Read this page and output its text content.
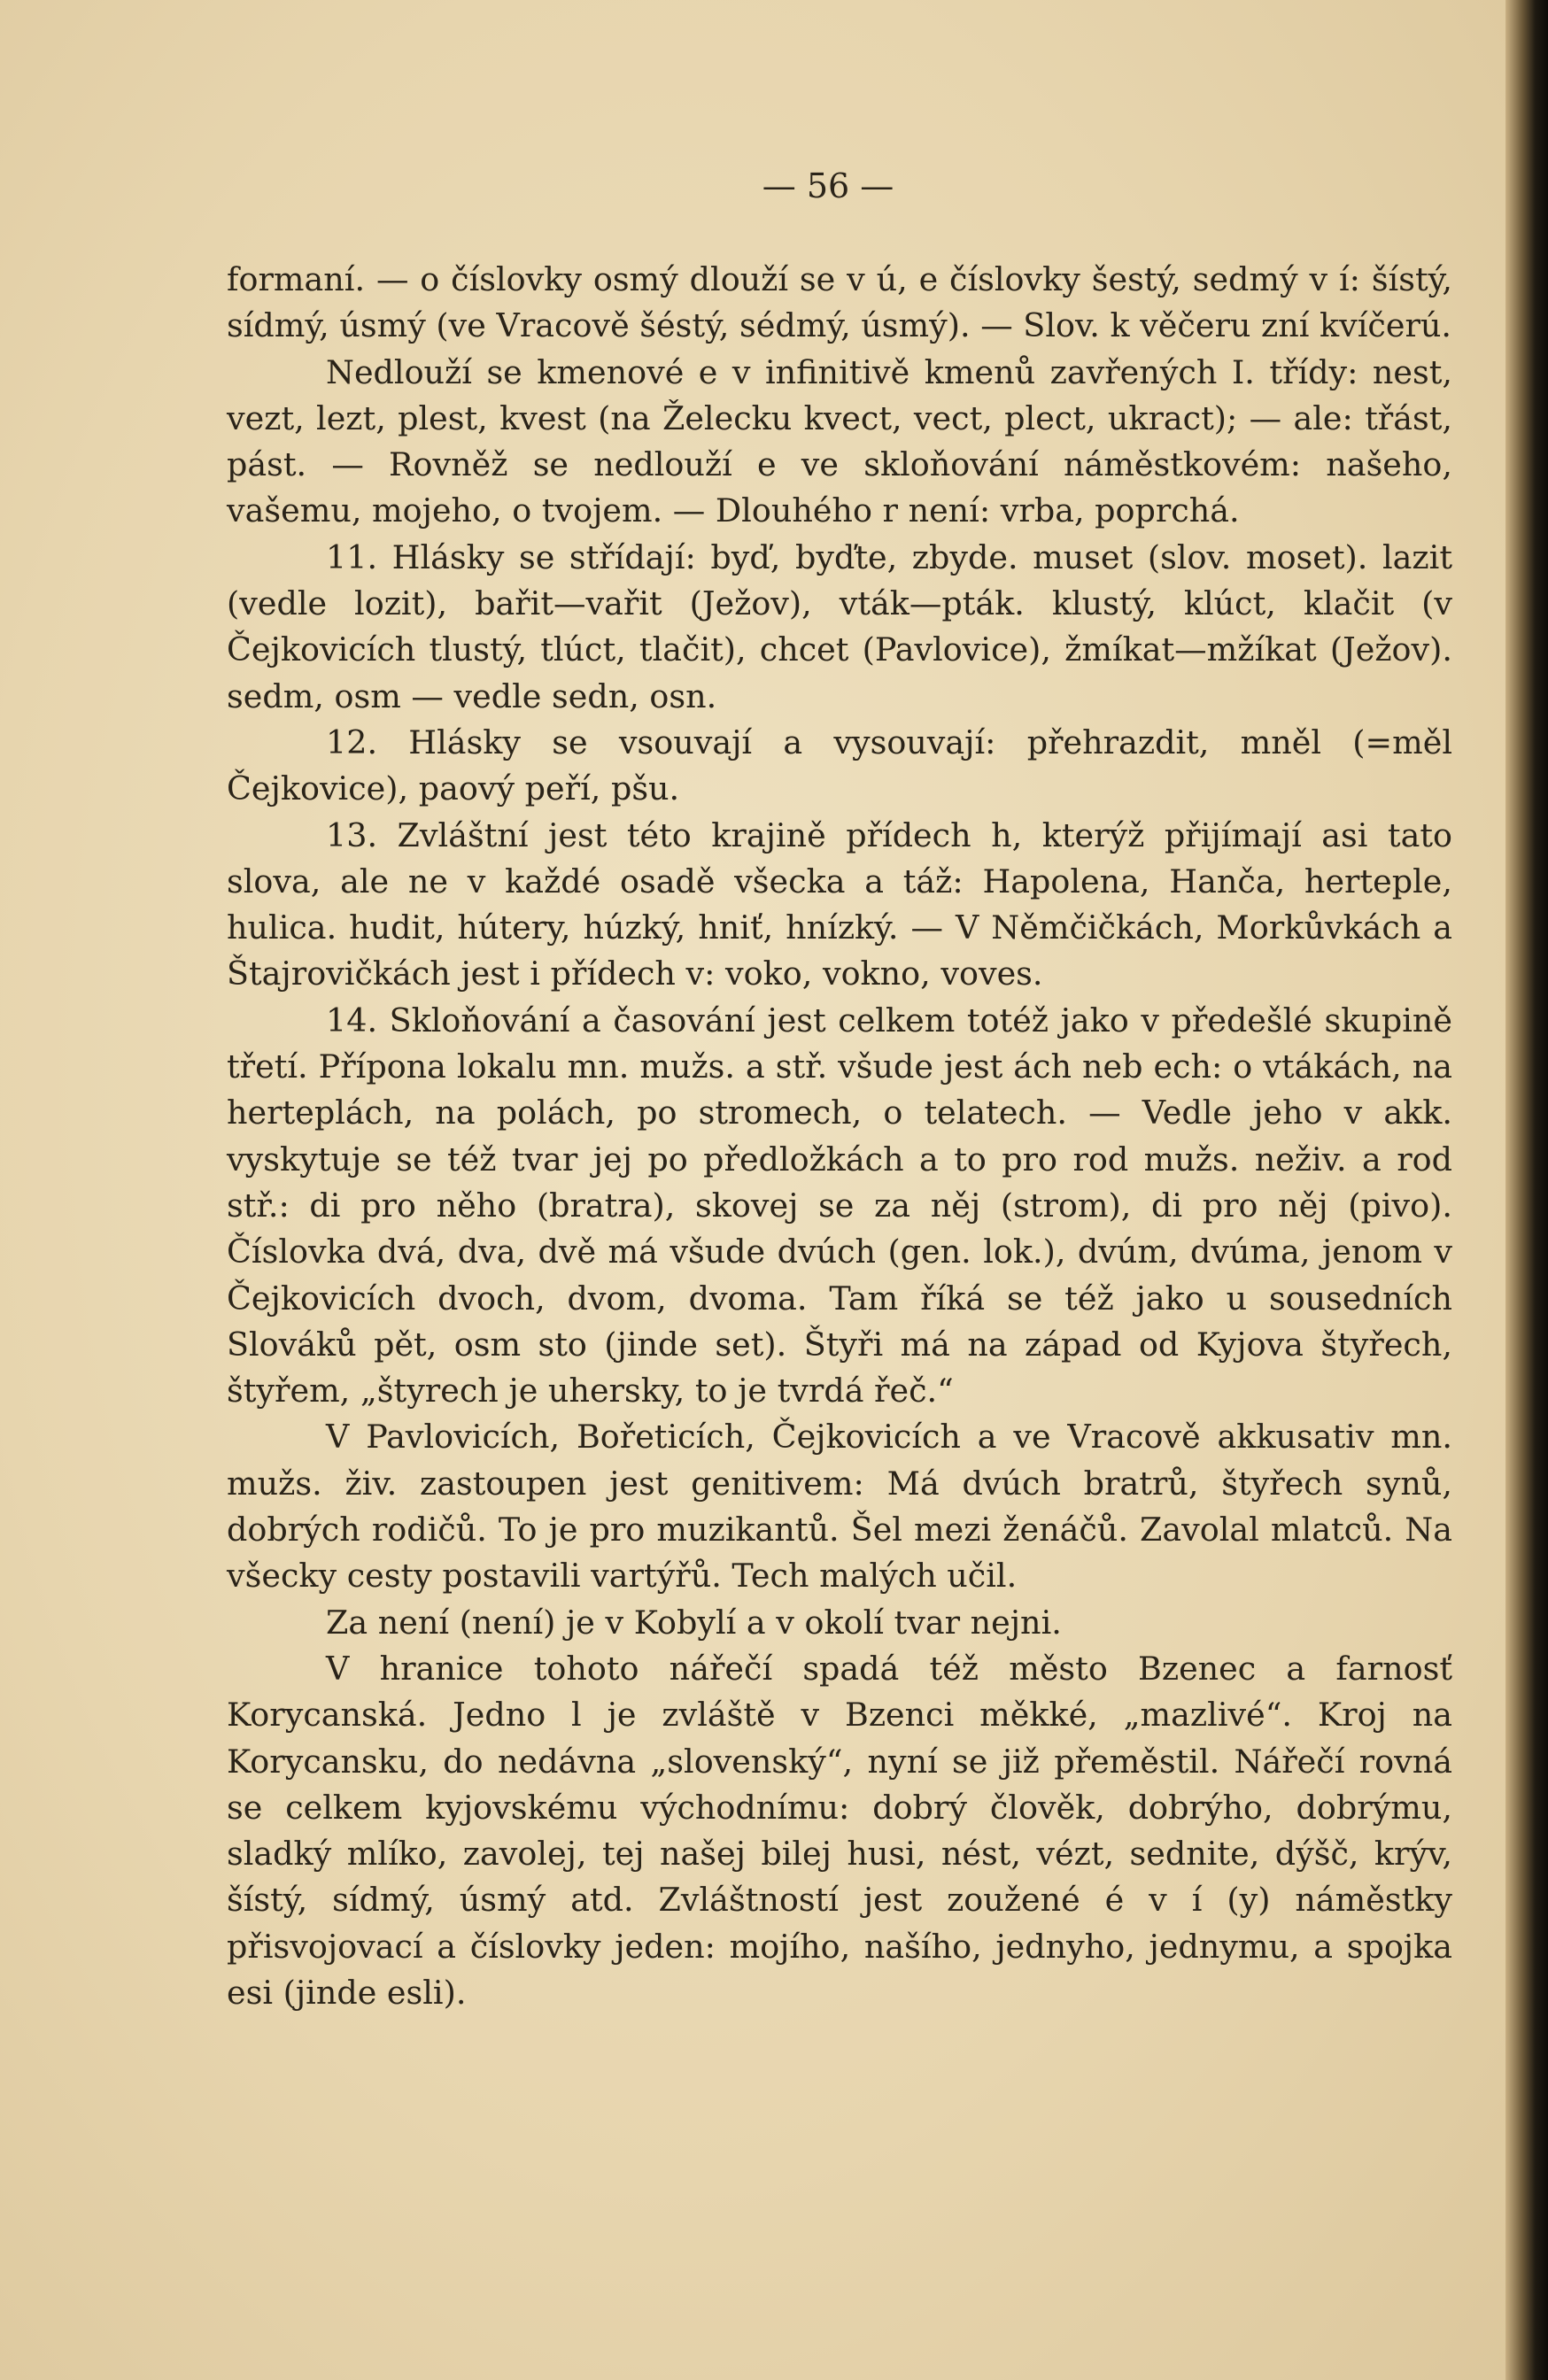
— 56 —

formaní. — o číslovky osmý dlouží se v ú, e číslovky šestý, sedmý v í: šístý, sídmý, úsmý (ve Vracově šéstý, sédmý, úsmý). — Slov. k věčeru zní kvíčerú.

Nedlouží se kmenové e v infinitivě kmenů zavřených I. třídy: nest, vezt, lezt, plest, kvest (na Želecku kvect, vect, plect, ukract); — ale: třást, pást. — Rovněž se nedlouží e ve skloňování náměstkovém: našeho, vašemu, mojeho, o tvojem. — Dlouhého r není: vrba, poprchá.

11. Hlásky se střídají: byď, byďte, zbyde. muset (slov. moset). lazit (vedle lozit), bařit—vařit (Ježov), vták—pták. klustý, klúct, klačit (v Čejkovicích tlustý, tlúct, tlačit), chcet (Pavlovice), žmíkat—mžíkat (Ježov). sedm, osm — vedle sedn, osn.

12. Hlásky se vsouvají a vysouvají: přehrazdit, mněl (=měl Čejkovice), paový peří, pšu.

13. Zvláštní jest této krajině přídech h, kterýž přijímají asi tato slova, ale ne v každé osadě všecka a táž: Hapolena, Hanča, herteple, hulica. hudit, hútery, húzký, hniť, hnízký. — V Němčičkách, Morkůvkách a Štajrovičkách jest i přídech v: voko, vokno, voves.

14. Skloňování a časování jest celkem totéž jako v předešlé skupině třetí. Přípona lokalu mn. mužs. a stř. všude jest ách neb ech: o vtákách, na herteplách, na polách, po stromech, o telatech. — Vedle jeho v akk. vyskytuje se též tvar jej po předložkách a to pro rod mužs. neživ. a rod stř.: di pro něho (bratra), skovej se za něj (strom), di pro něj (pivo). Číslovka dvá, dva, dvě má všude dvúch (gen. lok.), dvúm, dvúma, jenom v Čejkovicích dvoch, dvom, dvoma. Tam říká se též jako u sousedních Slováků pět, osm sto (jinde set). Štyři má na západ od Kyjova štyřech, štyřem, „štyrech je uhersky, to je tvrdá řeč.“

V Pavlovicích, Bořeticích, Čejkovicích a ve Vracově akkusativ mn. mužs. živ. zastoupen jest genitivem: Má dvúch bratrů, štyřech synů, dobrých rodičů. To je pro muzikantů. Šel mezi ženáčů. Zavolal mlatců. Na všecky cesty postavili vartýřů. Tech malých učil.

Za není (není) je v Kobylí a v okolí tvar nejni.

V hranice tohoto nářečí spadá též město Bzenec a farnosť Korycanská. Jedno l je zvláště v Bzenci měkké, „mazlivé“. Kroj na Korycansku, do nedávna „slovenský“, nyní se již přeměstil. Nářečí rovná se celkem kyjovskému východnímu: dobrý člověk, dobrýho, dobrýmu, sladký mlíko, zavolej, tej našej bilej husi, nést, vézt, sednite, dýšč, krýv, šístý, sídmý, úsmý atd. Zvláštností jest zoužené é v í (y) náměstky přisvojovací a číslovky jeden: mojího, našího, jednyho, jednymu, a spojka esi (jinde esli).
